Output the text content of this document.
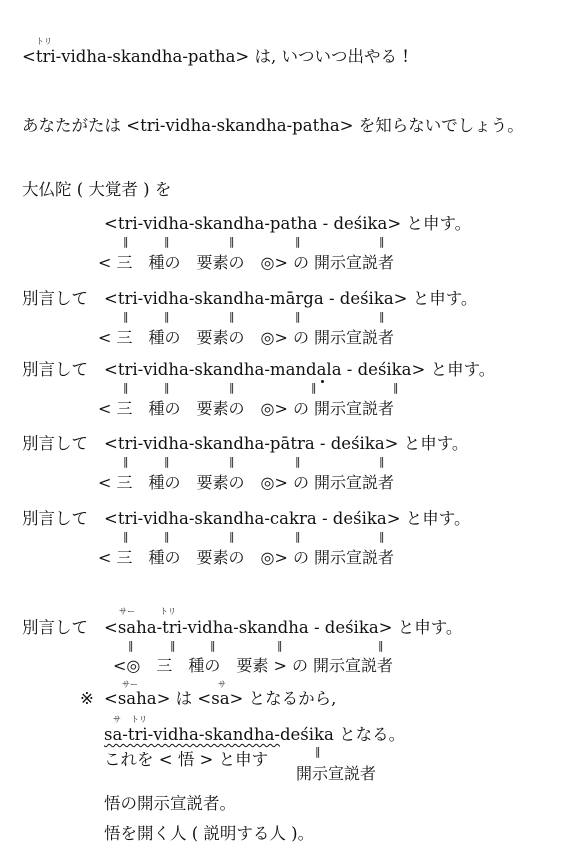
トリ
<tri-vidha-skandha-patha> は, いついつ出やる !
あなたがたは <tri-vidha-skandha-patha> を知らないでしょう。
大仏陀 ( 大覚者 ) を
<tri-vidha-skandha-patha - deśika> と申す。
‖	‖	‖	‖	‖
< 三　種の　要素の　◎> の 開示宣説者
別言して <tri-vidha-skandha-mārga - deśika> と申す。
‖	‖	‖	‖	‖
< 三　種の　要素の　◎> の 開示宣説者
別言して <tri-vidha-skandha-mandala - deśika> と申す。
‖	‖	‖	‖	‖
< 三　種の　要素の　◎> の 開示宣説者
別言して <tri-vidha-skandha-pātra - deśika> と申す。
‖	‖	‖	‖	‖
< 三　種の　要素の　◎> の 開示宣説者
別言して <tri-vidha-skandha-cakra - deśika> と申す。
‖	‖	‖	‖	‖
< 三　種の　要素の　◎> の 開示宣説者
サー	トリ
別言して <saha-tri-vidha-skandha - deśika> と申す。
‖	‖	‖	‖	‖
<◎　三　種の　要素 > の 開示宣説者
サー	サ
※ <saha> は <sa> となるから,
サ トリ
sa-tri-vidha-skandha-deśika となる。
これを < 悟 > と申す	‖
開示宣説者
悟の開示宣説者。
悟を開く人 ( 説明する人 )。
